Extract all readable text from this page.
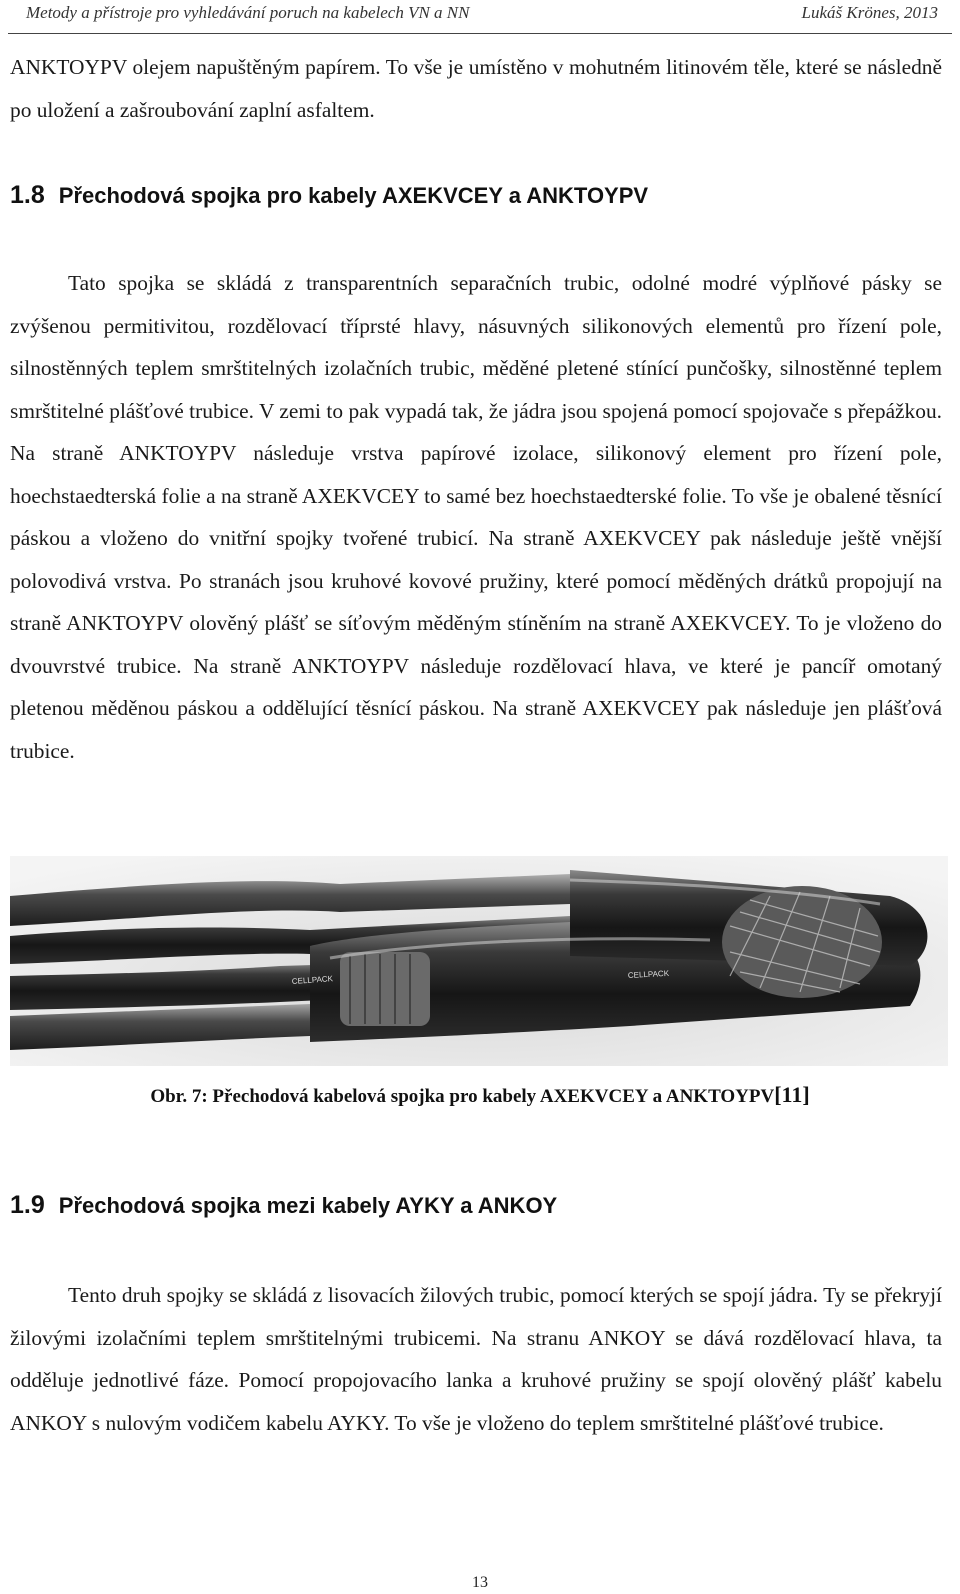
Metody a přístroje pro vyhledávání poruch na kabelech VN a NN	Lukáš Krönes, 2013

ANKTOYPV olejem napuštěným papírem. To vše je umístěno v mohutném litinovém těle, které se následně po uložení a zašroubování zaplní asfaltem.

1.8 Přechodová spojka pro kabely AXEKVCEY a ANKTOYPV

Tato spojka se skládá z transparentních separačních trubic, odolné modré výplňové pásky se zvýšenou permitivitou, rozdělovací tříprsté hlavy, násuvných silikonových elementů pro řízení pole, silnostěnných teplem smrštitelných izolačních trubic, měděné pletené stínící punčošky, silnostěnné teplem smrštitelné plášťové trubice. V zemi to pak vypadá tak, že jádra jsou spojená pomocí spojovače s přepážkou. Na straně ANKTOYPV následuje vrstva papírové izolace, silikonový element pro řízení pole, hoechstaedterská folie a na straně AXEKVCEY to samé bez hoechstaedterské folie. To vše je obalené těsnící páskou a vloženo do vnitřní spojky tvořené trubicí. Na straně AXEKVCEY pak následuje ještě vnější polovodivá vrstva. Po stranách jsou kruhové kovové pružiny, které pomocí měděných drátků propojují na straně ANKTOYPV olověný plášť se síťovým měděným stíněním na straně AXEKVCEY. To je vloženo do dvouvrstvé trubice. Na straně ANKTOYPV následuje rozdělovací hlava, ve které je pancíř omotaný pletenou měděnou páskou a oddělující těsnící páskou. Na straně AXEKVCEY pak následuje jen plášťová trubice.

CELLPACK	CELLPACK

Obr. 7: Přechodová kabelová spojka pro kabely AXEKVCEY a ANKTOYPV[11]

1.9 Přechodová spojka mezi kabely AYKY a ANKOY

Tento druh spojky se skládá z lisovacích žilových trubic, pomocí kterých se spojí jádra. Ty se překryjí žilovými izolačními teplem smrštitelnými trubicemi. Na stranu ANKOY se dává rozdělovací hlava, ta odděluje jednotlivé fáze. Pomocí propojovacího lanka a kruhové pružiny se spojí olověný plášť kabelu ANKOY s nulovým vodičem kabelu AYKY. To vše je vloženo do teplem smrštitelné plášťové trubice.

13
